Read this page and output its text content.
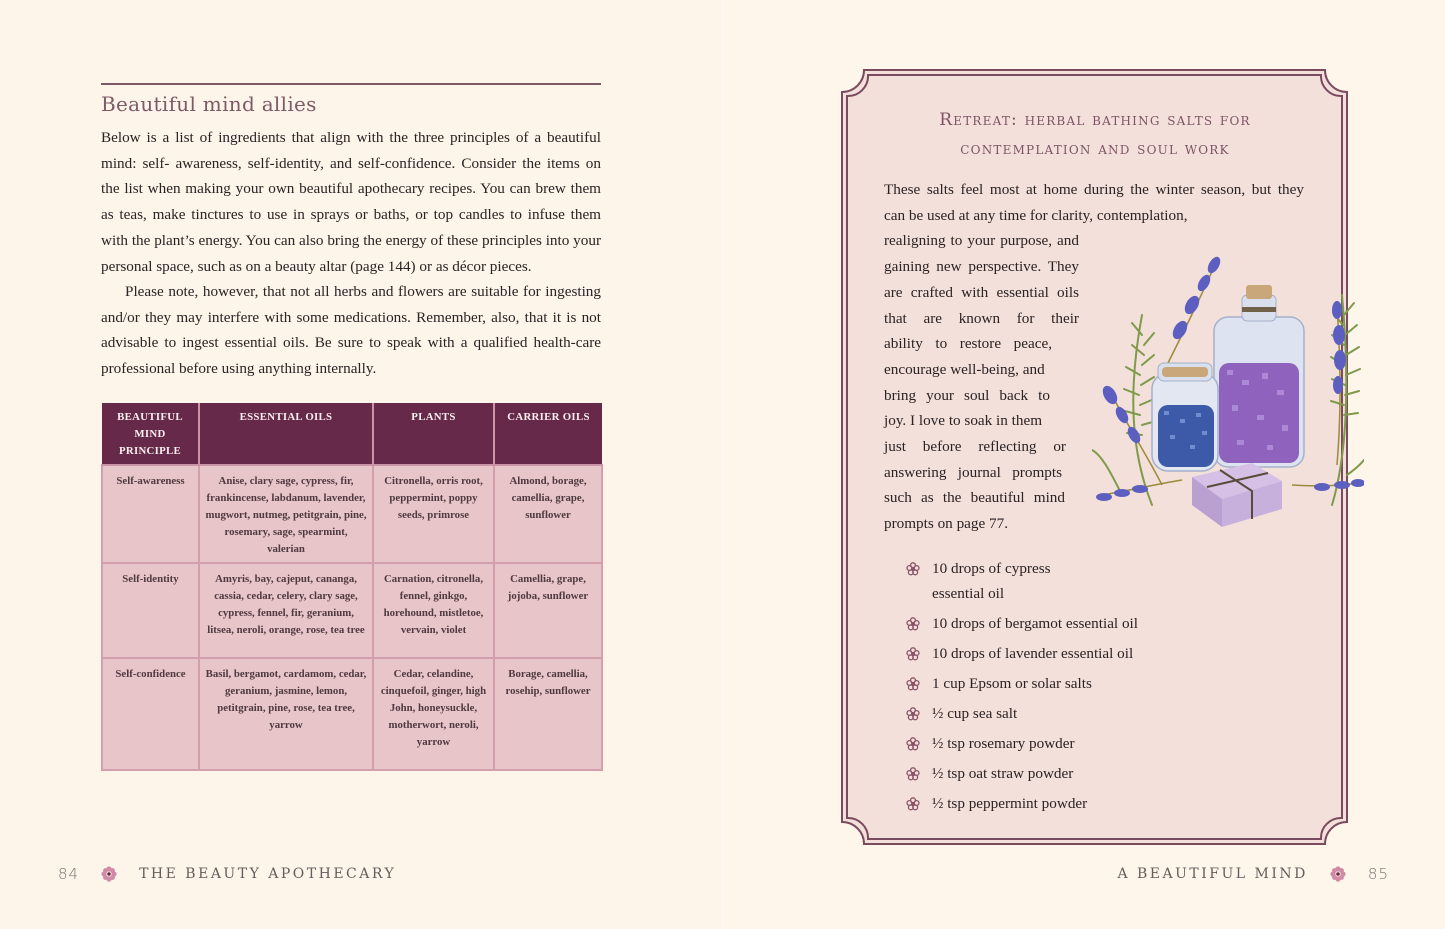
Beautiful mind allies

Below is a list of ingredients that align with the three principles of a beautiful mind: self- awareness, self-identity, and self-confidence. Consider the items on the list when making your own beautiful apothecary recipes. You can brew them as teas, make tinctures to use in sprays or baths, or top candles to infuse them with the plant’s energy. You can also bring the energy of these principles into your personal space, such as on a beauty altar (page 144) or as décor pieces.

Please note, however, that not all herbs and flowers are suitable for ingesting and/or they may interfere with some medications. Remember, also, that it is not advisable to ingest essential oils. Be sure to speak with a qualified health-care professional before using anything internally.

BEAUTIFUL MIND PRINCIPLE	ESSENTIAL OILS	PLANTS	CARRIER OILS
Self-awareness	Anise, clary sage, cypress, fir, frankincense, labdanum, lavender, mugwort, nutmeg, petitgrain, pine, rosemary, sage, spearmint, valerian	Citronella, orris root, peppermint, poppy seeds, primrose	Almond, borage, camellia, grape, sunflower
Self-identity	Amyris, bay, cajeput, cananga, cassia, cedar, celery, clary sage, cypress, fennel, fir, geranium, litsea, neroli, orange, rose, tea tree	Carnation, citronella, fennel, ginkgo, horehound, mistletoe, vervain, violet	Camellia, grape, jojoba, sunflower
Self-confidence	Basil, bergamot, cardamom, cedar, geranium, jasmine, lemon, petitgrain, pine, rose, tea tree, yarrow	Cedar, celandine, cinquefoil, ginger, high John, honeysuckle, motherwort, neroli, yarrow	Borage, camellia, rosehip, sunflower
84	THE BEAUTY APOTHECARY
Retreat: herbal bathing salts for
contemplation and soul work
These salts feel most at home during the winter season, but they
can be used at any time for clarity, contemplation,
realigning to your purpose, and
gaining new perspective. They
are crafted with essential oils
that are known for their
ability to restore peace,
encourage well-being, and
bring your soul back to
joy. I love to soak in them
just before reflecting or
answering journal prompts
such as the beautiful mind
prompts on page 77.
10 drops of cypress essential oil
10 drops of bergamot essential oil
10 drops of lavender essential oil
1 cup Epsom or solar salts
½ cup sea salt
½ tsp rosemary powder
½ tsp oat straw powder
½ tsp peppermint powder
A BEAUTIFUL MIND	85
